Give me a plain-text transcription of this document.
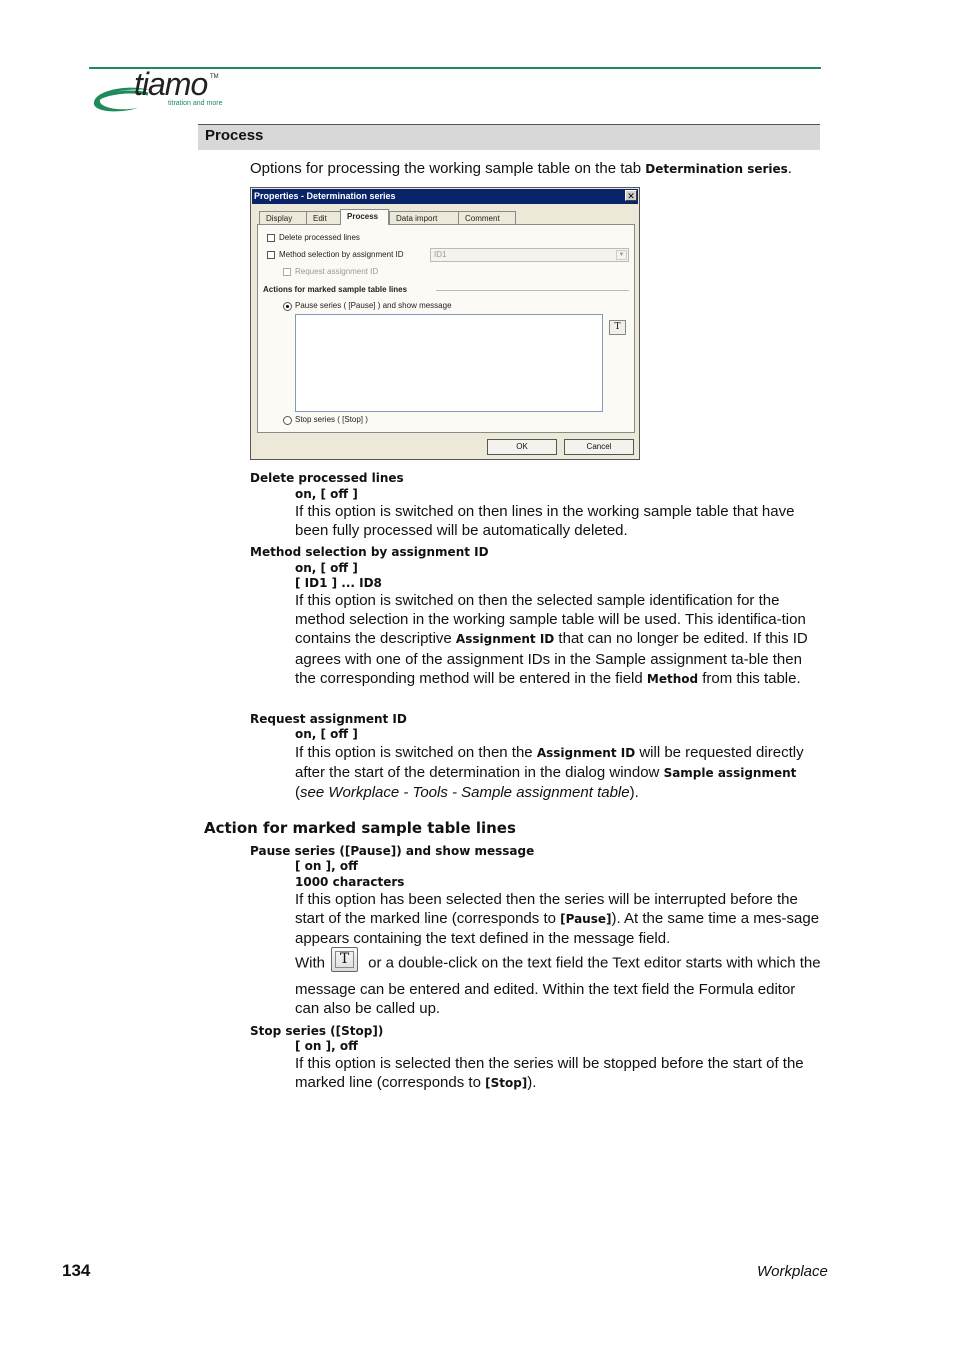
tiamo TM
titration and more
Process
Options for processing the working sample table on the tab Determination series.
Properties - Determination series	✕
Display	Edit	Process	Data import	Comment
Delete processed lines
Method selection by assignment ID	ID1	▼
Request assignment ID
Actions for marked sample table lines
Pause series ( [Pause] ) and show message
T
Stop series ( [Stop] )
OK	Cancel
Delete processed lines
on, [ off ]
If this option is switched on then lines in the working sample table that have been fully processed will be automatically deleted.
Method selection by assignment ID
on, [ off ]
[ ID1 ] ... ID8
If this option is switched on then the selected sample identification for the method selection in the working sample table will be used. This identifica-tion contains the descriptive Assignment ID that can no longer be edited. If this ID agrees with one of the assignment IDs in the Sample assignment ta-ble then the corresponding method will be entered in the field Method from this table.
Request assignment ID
on, [ off ]
If this option is switched on then the Assignment ID will be requested directly after the start of the determination in the dialog window Sample assignment (see Workplace - Tools - Sample assignment table).
Action for marked sample table lines
Pause series ([Pause]) and show message
[ on ], off
1000 characters
If this option has been selected then the series will be interrupted before the start of the marked line (corresponds to [Pause]). At the same time a mes-sage appears containing the text defined in the message field.
With T or a double-click on the text field the Text editor starts with which the message can be entered and edited. Within the text field the Formula editor can also be called up.
Stop series ([Stop])
[ on ], off
If this option is selected then the series will be stopped before the start of the marked line (corresponds to [Stop]).
134	Workplace
